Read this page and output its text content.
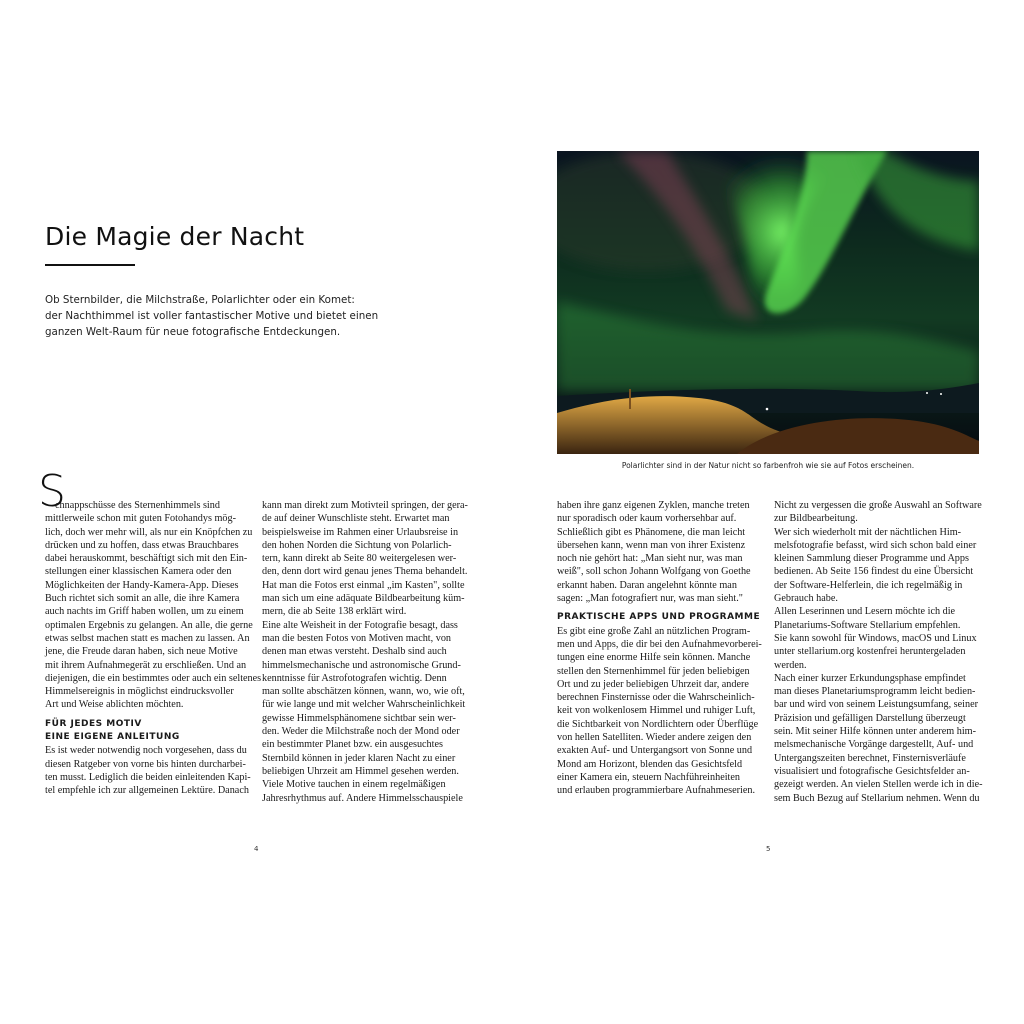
Die Magie der Nacht
Ob Sternbilder, die Milchstraße, Polarlichter oder ein Komet:
der Nachthimmel ist voller fantastischer Motive und bietet einen
ganzen Welt-Raum für neue fotografische Entdeckungen.
S
chnappschüsse des Sternenhimmels sind
mittlerweile schon mit guten Fotohandys mög-
lich, doch wer mehr will, als nur ein Knöpfchen zu
drücken und zu hoffen, dass etwas Brauchbares
dabei herauskommt, beschäftigt sich mit den Ein-
stellungen einer klassischen Kamera oder den
Möglichkeiten der Handy-Kamera-App. Dieses
Buch richtet sich somit an alle, die ihre Kamera
auch nachts im Griff haben wollen, um zu einem
optimalen Ergebnis zu gelangen. An alle, die gerne
etwas selbst machen statt es machen zu lassen. An
jene, die Freude daran haben, sich neue Motive
mit ihrem Aufnahmegerät zu erschließen. Und an
diejenigen, die ein bestimmtes oder auch ein seltenes
Himmelsereignis in möglichst eindrucksvoller
Art und Weise ablichten möchten.
FÜR JEDES MOTIV
EINE EIGENE ANLEITUNG
Es ist weder notwendig noch vorgesehen, dass du
diesen Ratgeber von vorne bis hinten durcharbei-
ten musst. Lediglich die beiden einleitenden Kapi-
tel empfehle ich zur allgemeinen Lektüre. Danach
kann man direkt zum Motivteil springen, der gera-
de auf deiner Wunschliste steht. Erwartet man
beispielsweise im Rahmen einer Urlaubsreise in
den hohen Norden die Sichtung von Polarlich-
tern, kann direkt ab Seite 80 weitergelesen wer-
den, denn dort wird genau jenes Thema behandelt.
Hat man die Fotos erst einmal „im Kasten", sollte
man sich um eine adäquate Bildbearbeitung küm-
mern, die ab Seite 138 erklärt wird.
Eine alte Weisheit in der Fotografie besagt, dass
man die besten Fotos von Motiven macht, von
denen man etwas versteht. Deshalb sind auch
himmelsmechanische und astronomische Grund-
kenntnisse für Astrofotografen wichtig. Denn
man sollte abschätzen können, wann, wo, wie oft,
für wie lange und mit welcher Wahrscheinlichkeit
gewisse Himmelsphänomene sichtbar sein wer-
den. Weder die Milchstraße noch der Mond oder
ein bestimmter Planet bzw. ein ausgesuchtes
Sternbild können in jeder klaren Nacht zu einer
beliebigen Uhrzeit am Himmel gesehen werden.
Viele Motive tauchen in einem regelmäßigen
Jahresrhythmus auf. Andere Himmelsschauspiele
4
Polarlichter sind in der Natur nicht so farbenfroh wie sie auf Fotos erscheinen.
haben ihre ganz eigenen Zyklen, manche treten
nur sporadisch oder kaum vorhersehbar auf.
Schließlich gibt es Phänomene, die man leicht
übersehen kann, wenn man von ihrer Existenz
noch nie gehört hat: „Man sieht nur, was man
weiß", soll schon Johann Wolfgang von Goethe
erkannt haben. Daran angelehnt könnte man
sagen: „Man fotografiert nur, was man sieht."
PRAKTISCHE APPS UND PROGRAMME
Es gibt eine große Zahl an nützlichen Program-
men und Apps, die dir bei den Aufnahmevorberei-
tungen eine enorme Hilfe sein können. Manche
stellen den Sternenhimmel für jeden beliebigen
Ort und zu jeder beliebigen Uhrzeit dar, andere
berechnen Finsternisse oder die Wahrscheinlich-
keit von wolkenlosem Himmel und ruhiger Luft,
die Sichtbarkeit von Nordlichtern oder Überflüge
von hellen Satelliten. Wieder andere zeigen den
exakten Auf- und Untergangsort von Sonne und
Mond am Horizont, blenden das Gesichtsfeld
einer Kamera ein, steuern Nachführeinheiten
und erlauben programmierbare Aufnahmeserien.
Nicht zu vergessen die große Auswahl an Software
zur Bildbearbeitung.
Wer sich wiederholt mit der nächtlichen Him-
melsfotografie befasst, wird sich schon bald einer
kleinen Sammlung dieser Programme und Apps
bedienen. Ab Seite 156 findest du eine Übersicht
der Software-Helferlein, die ich regelmäßig in
Gebrauch habe.
Allen Leserinnen und Lesern möchte ich die
Planetariums-Software Stellarium empfehlen.
Sie kann sowohl für Windows, macOS und Linux
unter stellarium.org kostenfrei heruntergeladen
werden.
Nach einer kurzer Erkundungsphase empfindet
man dieses Planetariumsprogramm leicht bedien-
bar und wird von seinem Leistungsumfang, seiner
Präzision und gefälligen Darstellung überzeugt
sein. Mit seiner Hilfe können unter anderem him-
melsmechanische Vorgänge dargestellt, Auf- und
Untergangszeiten berechnet, Finsternisverläufe
visualisiert und fotografische Gesichtsfelder an-
gezeigt werden. An vielen Stellen werde ich in die-
sem Buch Bezug auf Stellarium nehmen. Wenn du
5
